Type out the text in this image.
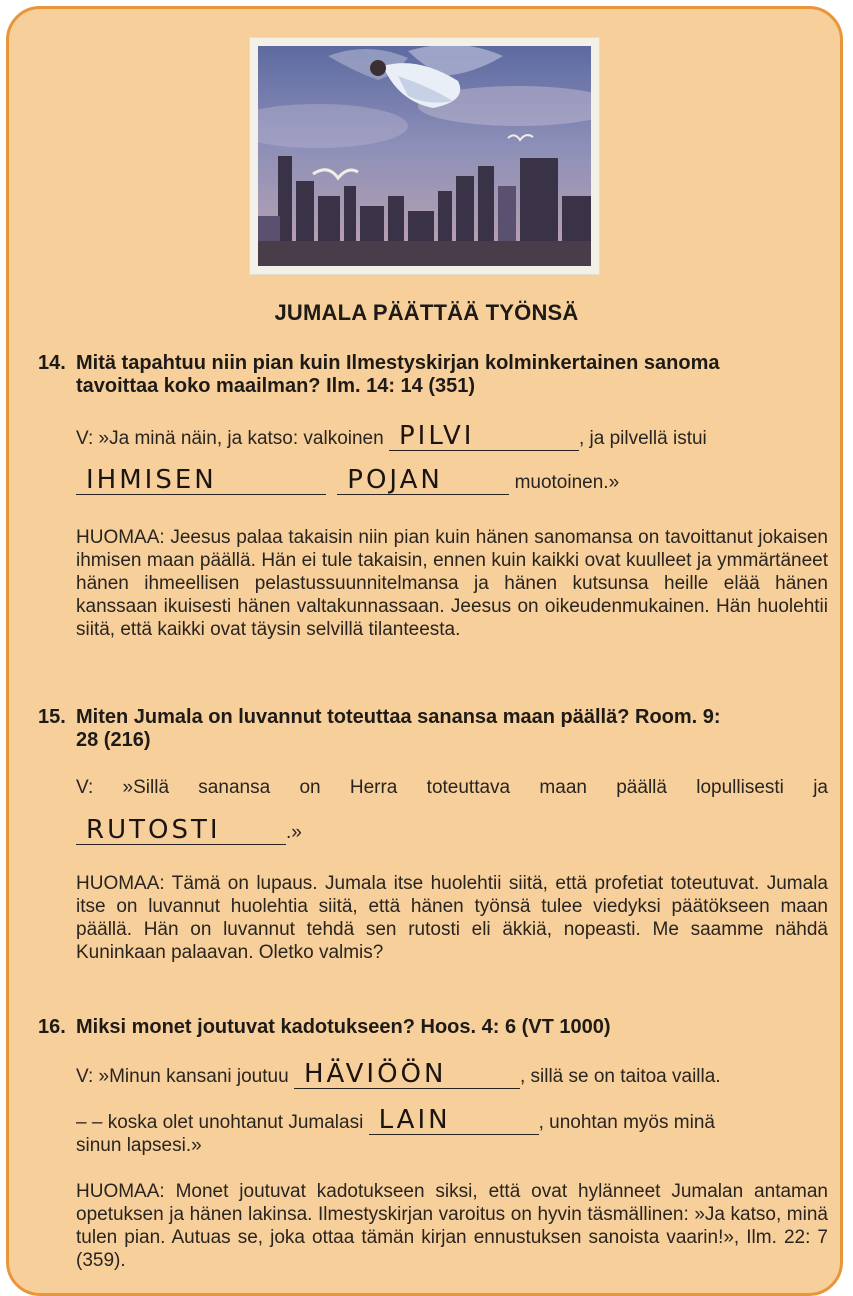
JUMALA PÄÄTTÄÄ TYÖNSÄ
14. Mitä tapahtuu niin pian kuin Ilmestyskirjan kolminkertainen sanoma
tavoittaa koko maailman? Ilm. 14: 14 (351)
V: »Ja minä näin, ja katso: valkoinen PILVI	, ja pilvellä istui
IHMISEN
	POJAN	muotoinen.»
HUOMAA: Jeesus palaa takaisin niin pian kuin hänen sanomansa on tavoittanut jokaisen ihmisen maan päällä. Hän ei tule takaisin, ennen kuin kaikki ovat kuulleet ja ymmärtäneet hänen ihmeellisen pelastussuunnitelmansa ja hänen kutsunsa heille elää hänen kanssaan ikuisesti hänen valtakunnassaan. Jeesus on oikeudenmukainen. Hän huolehtii siitä, että kaikki ovat täysin selvillä tilanteesta.
15. Miten Jumala on luvannut toteuttaa sanansa maan päällä? Room. 9:
28 (216)
V: »Sillä sanansa on Herra toteuttava maan päällä lopullisesti ja
RUTOSTI	.»
HUOMAA: Tämä on lupaus. Jumala itse huolehtii siitä, että profetiat toteutuvat. Jumala itse on luvannut huolehtia siitä, että hänen työnsä tulee viedyksi päätökseen maan päällä. Hän on luvannut tehdä sen rutosti eli äkkiä, nopeasti. Me saamme nähdä Kuninkaan palaavan. Oletko valmis?
16. Miksi monet joutuvat kadotukseen? Hoos. 4: 6 (VT 1000)
V: »Minun kansani joutuu HÄVIÖÖN	, sillä se on taitoa vailla.
– – koska olet unohtanut Jumalasi LAIN	, unohtan myös minä
sinun lapsesi.»
HUOMAA: Monet joutuvat kadotukseen siksi, että ovat hylänneet Jumalan antaman opetuksen ja hänen lakinsa. Ilmestyskirjan varoitus on hyvin täsmällinen: »Ja katso, minä tulen pian. Autuas se, joka ottaa tämän kirjan ennustuksen sanoista vaarin!», Ilm. 22: 7 (359).
